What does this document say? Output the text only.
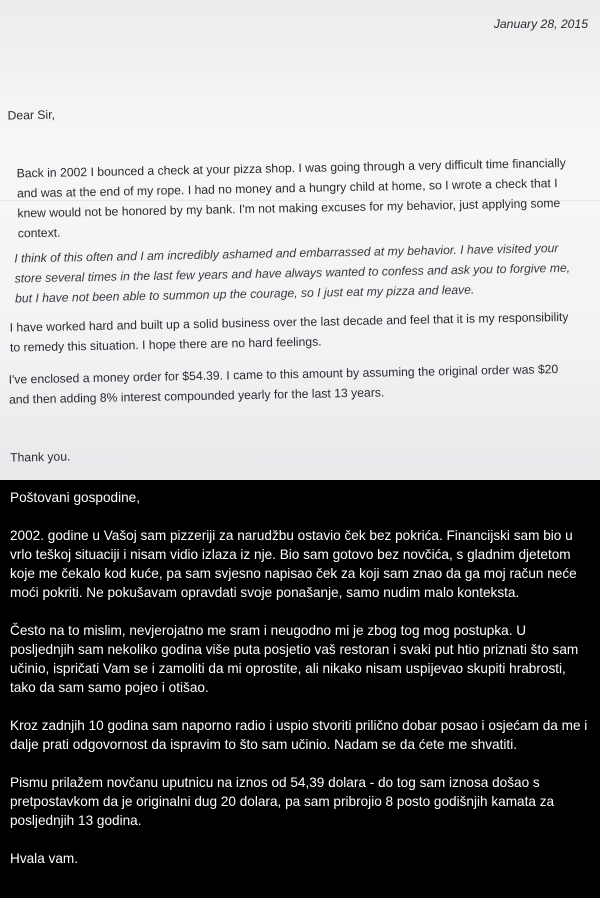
January 28, 2015

Dear Sir,

Back in 2002 I bounced a check at your pizza shop. I was going through a very difficult time financially

and was at the end of my rope. I had no money and a hungry child at home, so I wrote a check that I

knew would not be honored by my bank. I'm not making excuses for my behavior, just applying some

context.

I think of this often and I am incredibly ashamed and embarrassed at my behavior. I have visited your

store several times in the last few years and have always wanted to confess and ask you to forgive me,

but I have not been able to summon up the courage, so I just eat my pizza and leave.

I have worked hard and built up a solid business over the last decade and feel that it is my responsibility

to remedy this situation. I hope there are no hard feelings.

I've enclosed a money order for $54.39. I came to this amount by assuming the original order was $20

and then adding 8% interest compounded yearly for the last 13 years.

Thank you.

Poštovani gospodine,

2002. godine u Vašoj sam pizzeriji za narudžbu ostavio ček bez pokrića. Financijski sam bio u vrlo teškoj situaciji i nisam vidio izlaza iz nje. Bio sam gotovo bez novčića, s gladnim djetetom koje me čekalo kod kuće, pa sam svjesno napisao ček za koji sam znao da ga moj račun neće moći pokriti. Ne pokušavam opravdati svoje ponašanje, samo nudim malo konteksta.

Često na to mislim, nevjerojatno me sram i neugodno mi je zbog tog mog postupka. U posljednjih sam nekoliko godina više puta posjetio vaš restoran i svaki put htio priznati što sam učinio, ispričati Vam se i zamoliti da mi oprostite, ali nikako nisam uspijevao skupiti hrabrosti, tako da sam samo pojeo i otišao.

Kroz zadnjih 10 godina sam naporno radio i uspio stvoriti prilično dobar posao i osjećam da me i dalje prati odgovornost da ispravim to što sam učinio. Nadam se da ćete me shvatiti.

Pismu prilažem novčanu uputnicu na iznos od 54,39 dolara - do tog sam iznosa došao s pretpostavkom da je originalni dug 20 dolara, pa sam pribrojio 8 posto godišnjih kamata za posljednjih 13 godina.

Hvala vam.
